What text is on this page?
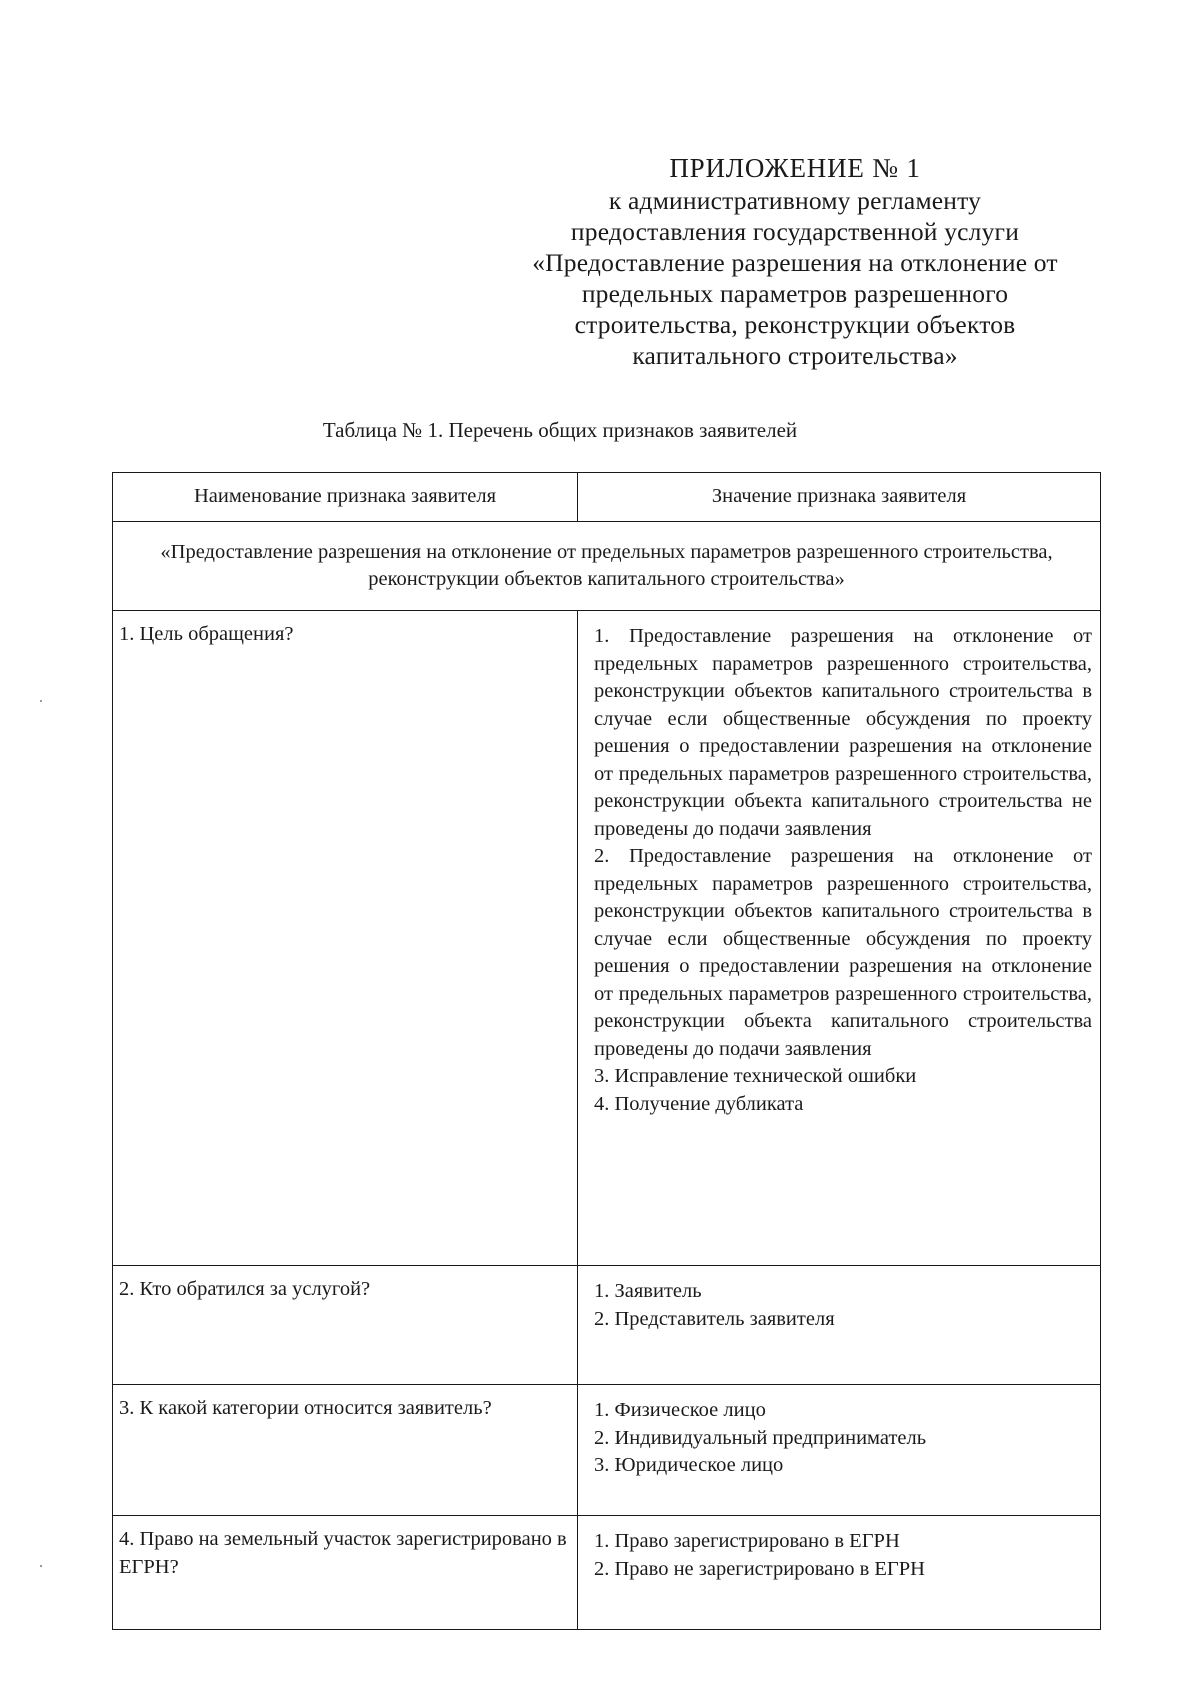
ПРИЛОЖЕНИЕ № 1
к административному регламенту
предоставления государственной услуги
«Предоставление разрешения на отклонение от
предельных параметров разрешенного
строительства, реконструкции объектов
капитального строительства»
Таблица № 1. Перечень общих признаков заявителей
Наименование признака заявителя	Значение признака заявителя
«Предоставление разрешения на отклонение от предельных параметров разрешенного строительства, реконструкции объектов капитального строительства»	
1. Цель обращения?	1. Предоставление разрешения на отклонение от предельных параметров разрешенного строительства, реконструкции объектов капитального строительства в случае если общественные обсуждения по проекту решения о предоставлении разрешения на отклонение от предельных параметров разрешенного строительства, реконструкции объекта капитального строительства не проведены до подачи заявления
2. Предоставление разрешения на отклонение от предельных параметров разрешенного строительства, реконструкции объектов капитального строительства в случае если общественные обсуждения по проекту решения о предоставлении разрешения на отклонение от предельных параметров разрешенного строительства, реконструкции объекта капитального строительства проведены до подачи заявления
3. Исправление технической ошибки
4. Получение дубликата

2. Кто обратился за услугой?	1. Заявитель
2. Представитель заявителя

3. К какой категории относится заявитель?	1. Физическое лицо
2. Индивидуальный предприниматель
3. Юридическое лицо

4. Право на земельный участок зарегистрировано в ЕГРН?	1. Право зарегистрировано в ЕГРН
2. Право не зарегистрировано в ЕГРН
